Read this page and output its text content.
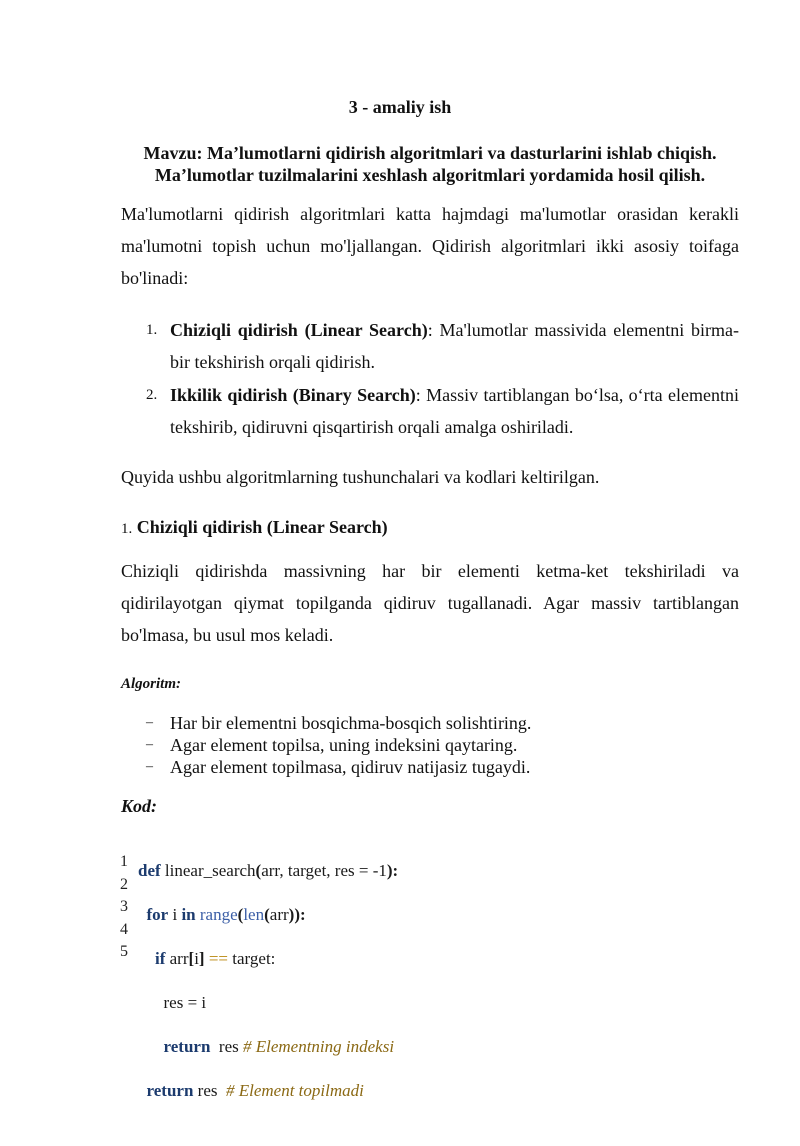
3 - amaliy ish
Mavzu: Ma’lumotlarni qidirish algoritmlari va dasturlarini ishlab chiqish.
Ma’lumotlar tuzilmalarini xeshlash algoritmlari yordamida hosil qilish.
Ma'lumotlarni qidirish algoritmlari katta hajmdagi ma'lumotlar orasidan kerakli ma'lumotni topish uchun mo'ljallangan. Qidirish algoritmlari ikki asosiy toifaga bo'linadi:
1. Chiziqli qidirish (Linear Search): Ma'lumotlar massivida elementni birma-bir tekshirish orqali qidirish.
2. Ikkilik qidirish (Binary Search): Massiv tartiblangan bo‘lsa, o‘rta elementni tekshirib, qidiruvni qisqartirish orqali amalga oshiriladi.
Quyida ushbu algoritmlarning tushunchalari va kodlari keltirilgan.
1. Chiziqli qidirish (Linear Search)
Chiziqli qidirishda massivning har bir elementi ketma-ket tekshiriladi va qidirilayotgan qiymat topilganda qidiruv tugallanadi. Agar massiv tartiblangan bo'lmasa, bu usul mos keladi.
Algoritm:
– Har bir elementni bosqichma-bosqich solishtiring.
– Agar element topilsa, uning indeksini qaytaring.
– Agar element topilmasa, qidiruv natijasiz tugaydi.
Kod:
1
2
3
4
5

def linear_search(arr, target, res = -1):

for i in range(len(arr)):

if arr[i] == target:

res = i

return  res # Elementning indeksi

return res  # Element topilmadi
